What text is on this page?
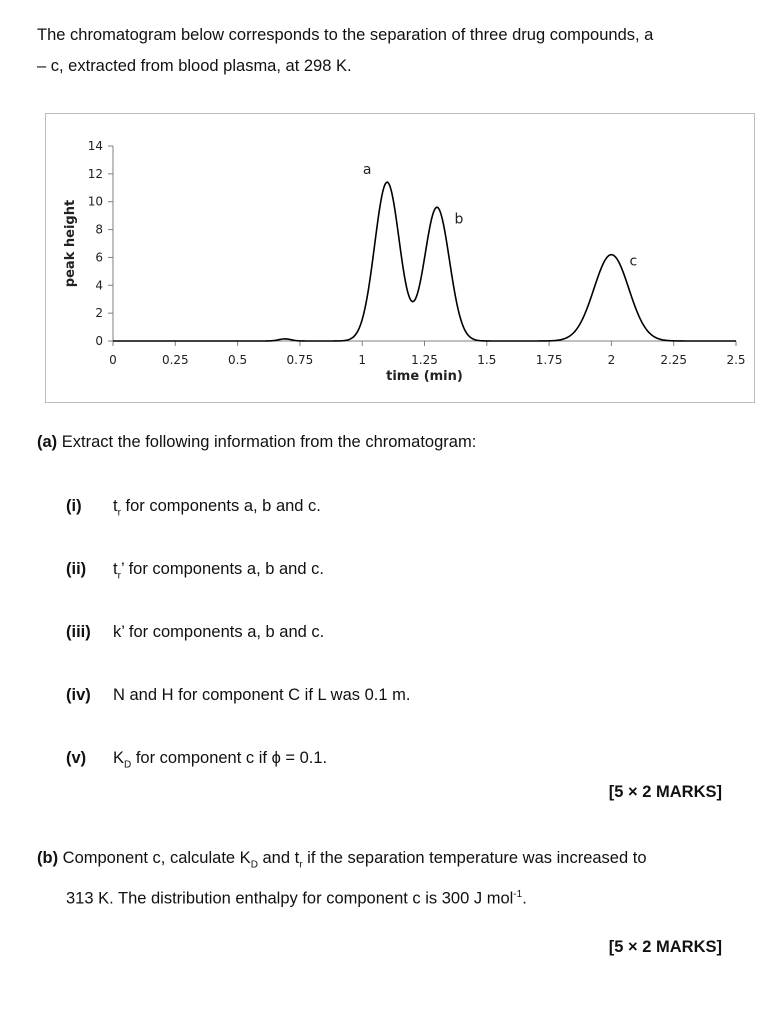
The chromatogram below corresponds to the separation of three drug compounds, a
– c, extracted from blood plasma, at 298 K.
0
2
4
6
8
10
12
14
0	0.25	0.5	0.75	1	1.25	1.5	1.75	2	2.25	2.5
time (min)
peak height
a
b
c
(a) Extract the following information from the chromatogram:
(i) $t_r$ for components a, b and c.
(ii) $t_r$’ for components a, b and c.
(iii) k’ for components a, b and c.
(iv) N and H for component C if L was 0.1 m.
(v) $K_D$ for component c if ϕ = 0.1.
[5 × 2 MARKS]
(b) Component c, calculate $K_D$ and $t_r$ if the separation temperature was increased to
313 K. The distribution enthalpy for component c is 300 J mol$^{-1}$.
[5 × 2 MARKS]
